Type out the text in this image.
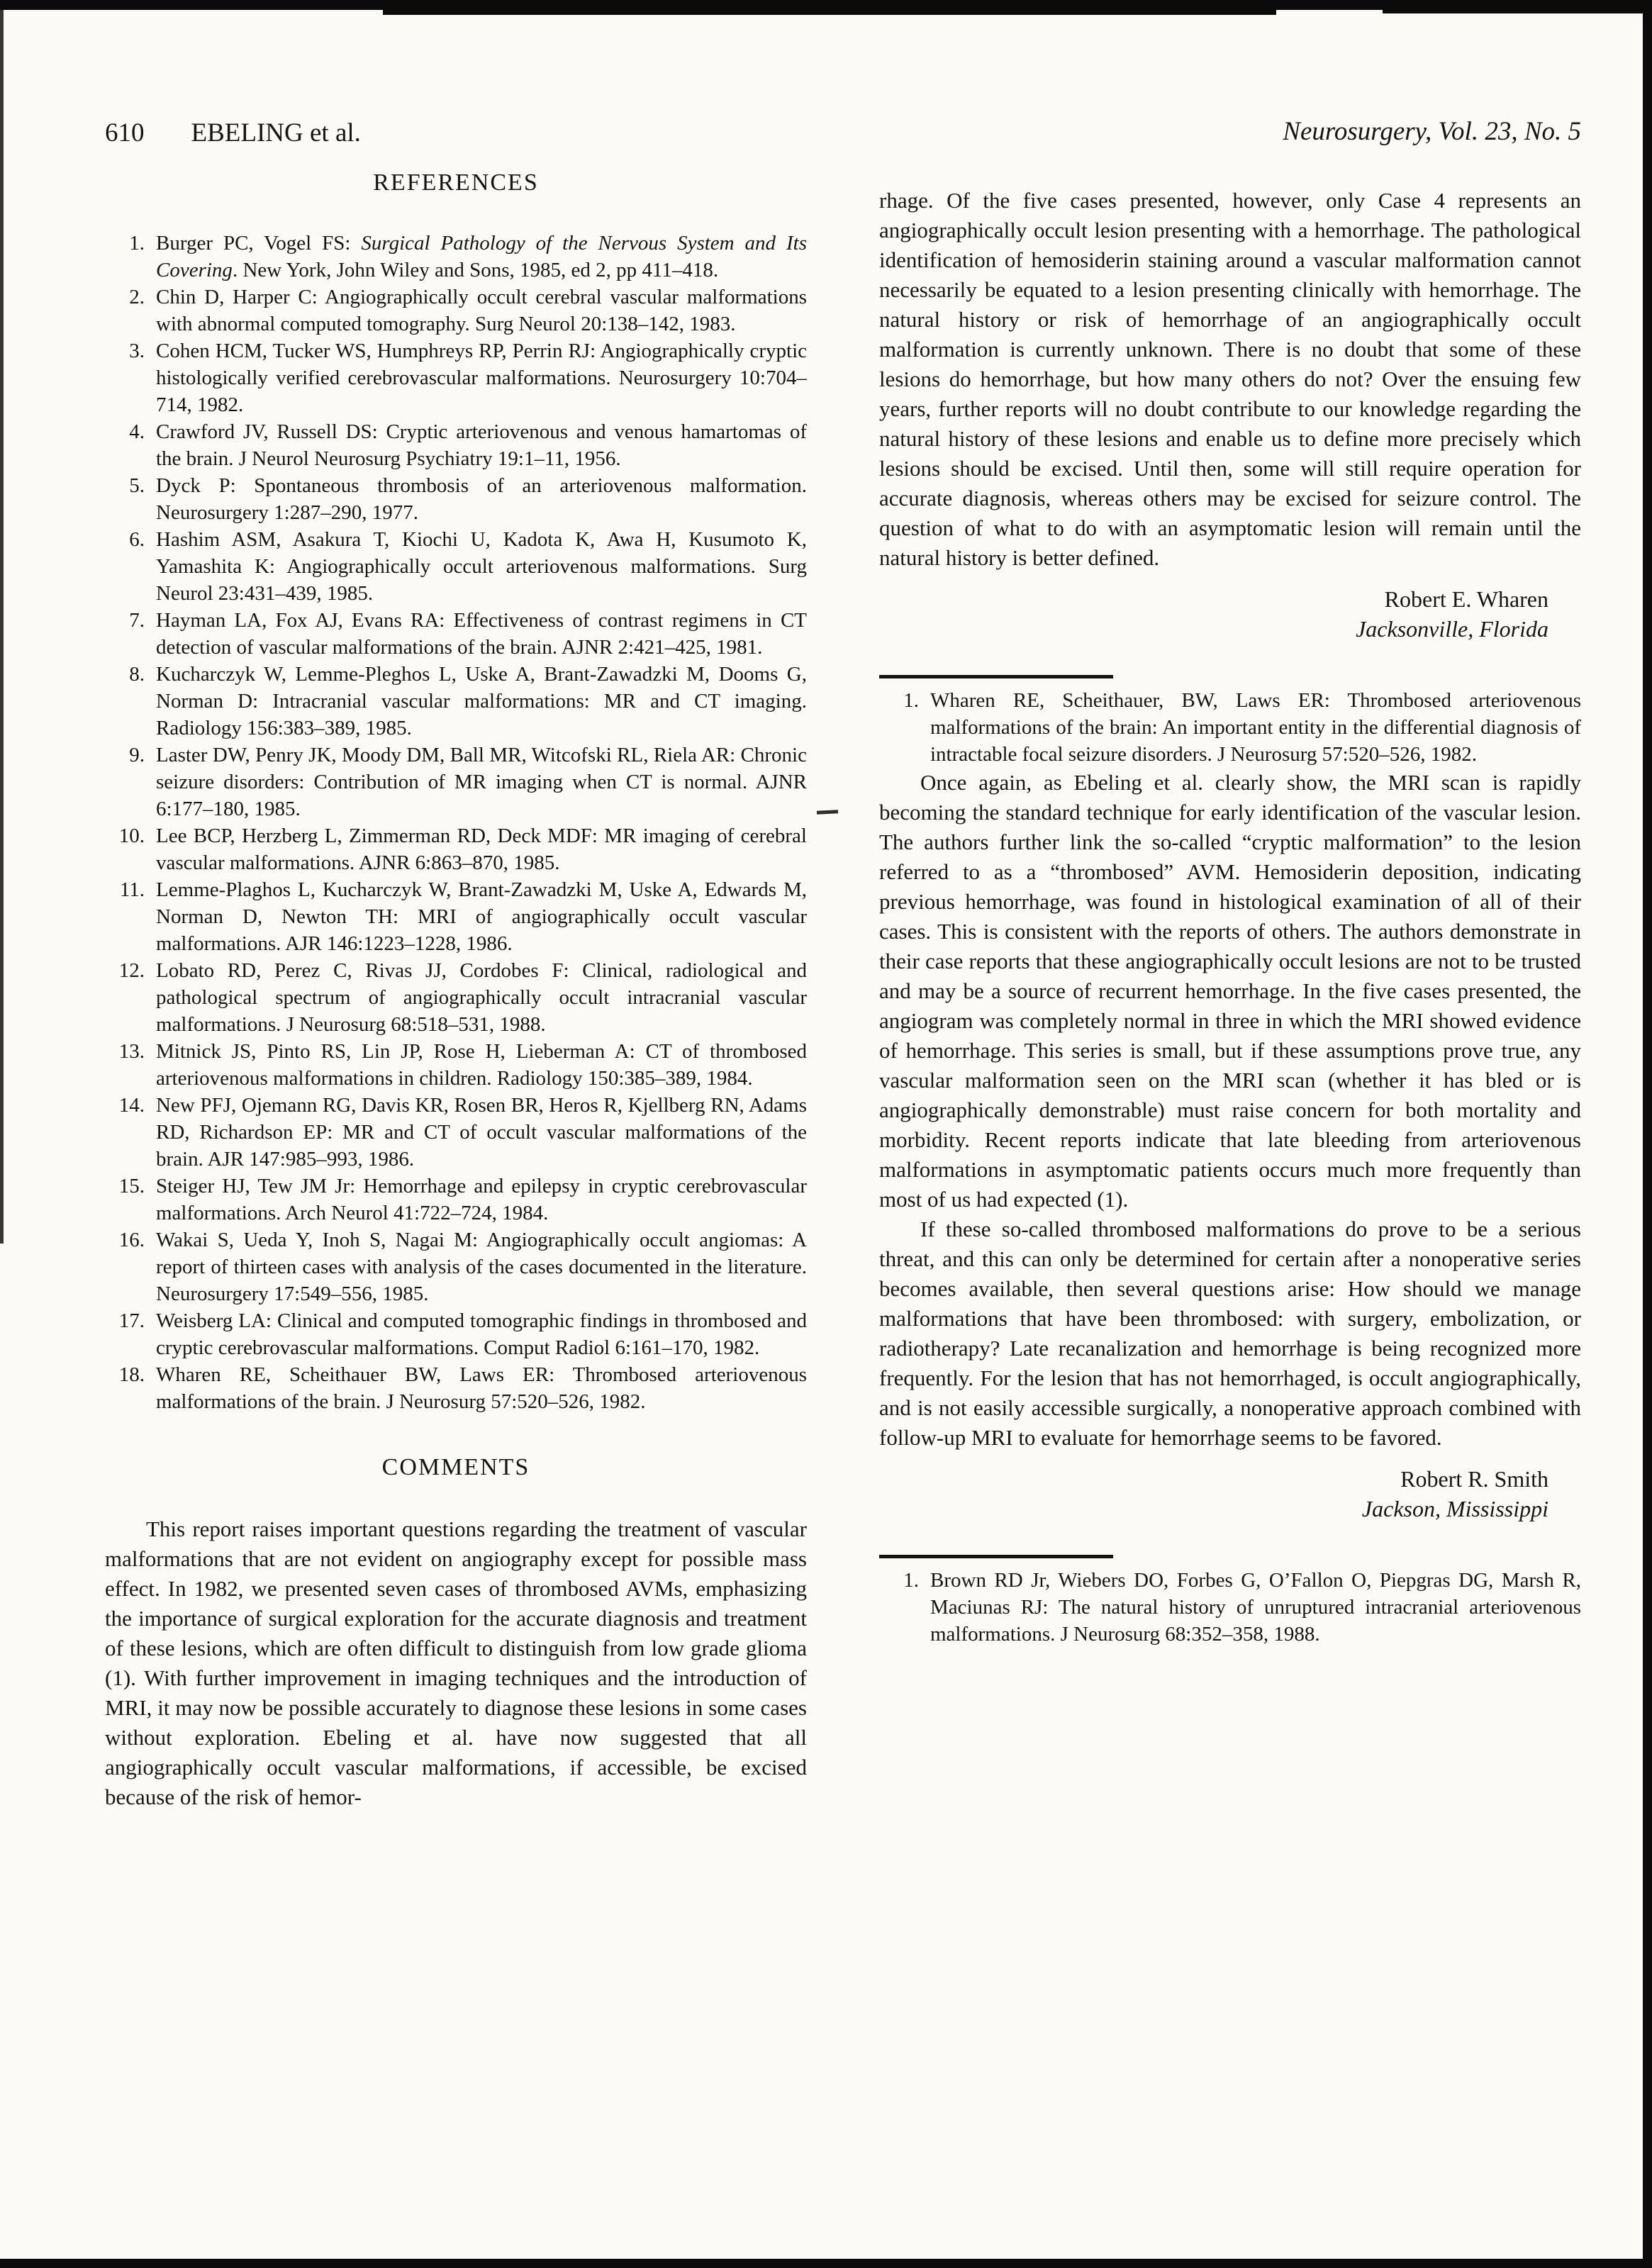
610 EBELING et al.	Neurosurgery, Vol. 23, No. 5
REFERENCES
1. Burger PC, Vogel FS: Surgical Pathology of the Nervous System and Its Covering. New York, John Wiley and Sons, 1985, ed 2, pp 411–418.
2. Chin D, Harper C: Angiographically occult cerebral vascular malformations with abnormal computed tomography. Surg Neurol 20:138–142, 1983.
3. Cohen HCM, Tucker WS, Humphreys RP, Perrin RJ: Angiographically cryptic histologically verified cerebrovascular malformations. Neurosurgery 10:704–714, 1982.
4. Crawford JV, Russell DS: Cryptic arteriovenous and venous hamartomas of the brain. J Neurol Neurosurg Psychiatry 19:1–11, 1956.
5. Dyck P: Spontaneous thrombosis of an arteriovenous malformation. Neurosurgery 1:287–290, 1977.
6. Hashim ASM, Asakura T, Kiochi U, Kadota K, Awa H, Kusumoto K, Yamashita K: Angiographically occult arteriovenous malformations. Surg Neurol 23:431–439, 1985.
7. Hayman LA, Fox AJ, Evans RA: Effectiveness of contrast regimens in CT detection of vascular malformations of the brain. AJNR 2:421–425, 1981.
8. Kucharczyk W, Lemme-Pleghos L, Uske A, Brant-Zawadzki M, Dooms G, Norman D: Intracranial vascular malformations: MR and CT imaging. Radiology 156:383–389, 1985.
9. Laster DW, Penry JK, Moody DM, Ball MR, Witcofski RL, Riela AR: Chronic seizure disorders: Contribution of MR imaging when CT is normal. AJNR 6:177–180, 1985.
10. Lee BCP, Herzberg L, Zimmerman RD, Deck MDF: MR imaging of cerebral vascular malformations. AJNR 6:863–870, 1985.
11. Lemme-Plaghos L, Kucharczyk W, Brant-Zawadzki M, Uske A, Edwards M, Norman D, Newton TH: MRI of angiographically occult vascular malformations. AJR 146:1223–1228, 1986.
12. Lobato RD, Perez C, Rivas JJ, Cordobes F: Clinical, radiological and pathological spectrum of angiographically occult intracranial vascular malformations. J Neurosurg 68:518–531, 1988.
13. Mitnick JS, Pinto RS, Lin JP, Rose H, Lieberman A: CT of thrombosed arteriovenous malformations in children. Radiology 150:385–389, 1984.
14. New PFJ, Ojemann RG, Davis KR, Rosen BR, Heros R, Kjellberg RN, Adams RD, Richardson EP: MR and CT of occult vascular malformations of the brain. AJR 147:985–993, 1986.
15. Steiger HJ, Tew JM Jr: Hemorrhage and epilepsy in cryptic cerebrovascular malformations. Arch Neurol 41:722–724, 1984.
16. Wakai S, Ueda Y, Inoh S, Nagai M: Angiographically occult angiomas: A report of thirteen cases with analysis of the cases documented in the literature. Neurosurgery 17:549–556, 1985.
17. Weisberg LA: Clinical and computed tomographic findings in thrombosed and cryptic cerebrovascular malformations. Comput Radiol 6:161–170, 1982.
18. Wharen RE, Scheithauer BW, Laws ER: Thrombosed arteriovenous malformations of the brain. J Neurosurg 57:520–526, 1982.
COMMENTS

This report raises important questions regarding the treatment of vascular malformations that are not evident on angiography except for possible mass effect. In 1982, we presented seven cases of thrombosed AVMs, emphasizing the importance of surgical exploration for the accurate diagnosis and treatment of these lesions, which are often difficult to distinguish from low grade glioma (1). With further improvement in imaging techniques and the introduction of MRI, it may now be possible accurately to diagnose these lesions in some cases without exploration. Ebeling et al. have now suggested that all angiographically occult vascular malformations, if accessible, be excised because of the risk of hemor-

rhage. Of the five cases presented, however, only Case 4 represents an angiographically occult lesion presenting with a hemorrhage. The pathological identification of hemosiderin staining around a vascular malformation cannot necessarily be equated to a lesion presenting clinically with hemorrhage. The natural history or risk of hemorrhage of an angiographically occult malformation is currently unknown. There is no doubt that some of these lesions do hemorrhage, but how many others do not? Over the ensuing few years, further reports will no doubt contribute to our knowledge regarding the natural history of these lesions and enable us to define more precisely which lesions should be excised. Until then, some will still require operation for accurate diagnosis, whereas others may be excised for seizure control. The question of what to do with an asymptomatic lesion will remain until the natural history is better defined.

Robert E. Wharen
Jacksonville, Florida
1. Wharen RE, Scheithauer, BW, Laws ER: Thrombosed arteriovenous malformations of the brain: An important entity in the differential diagnosis of intractable focal seizure disorders. J Neurosurg 57:520–526, 1982.

Once again, as Ebeling et al. clearly show, the MRI scan is rapidly becoming the standard technique for early identification of the vascular lesion. The authors further link the so-called “cryptic malformation” to the lesion referred to as a “thrombosed” AVM. Hemosiderin deposition, indicating previous hemorrhage, was found in histological examination of all of their cases. This is consistent with the reports of others. The authors demonstrate in their case reports that these angiographically occult lesions are not to be trusted and may be a source of recurrent hemorrhage. In the five cases presented, the angiogram was completely normal in three in which the MRI showed evidence of hemorrhage. This series is small, but if these assumptions prove true, any vascular malformation seen on the MRI scan (whether it has bled or is angiographically demonstrable) must raise concern for both mortality and morbidity. Recent reports indicate that late bleeding from arteriovenous malformations in asymptomatic patients occurs much more frequently than most of us had expected (1).

If these so-called thrombosed malformations do prove to be a serious threat, and this can only be determined for certain after a nonoperative series becomes available, then several questions arise: How should we manage malformations that have been thrombosed: with surgery, embolization, or radiotherapy? Late recanalization and hemorrhage is being recognized more frequently. For the lesion that has not hemorrhaged, is occult angiographically, and is not easily accessible surgically, a nonoperative approach combined with follow-up MRI to evaluate for hemorrhage seems to be favored.

Robert R. Smith
Jackson, Mississippi
1. Brown RD Jr, Wiebers DO, Forbes G, O’Fallon O, Piepgras DG, Marsh R, Maciunas RJ: The natural history of unruptured intracranial arteriovenous malformations. J Neurosurg 68:352–358, 1988.
